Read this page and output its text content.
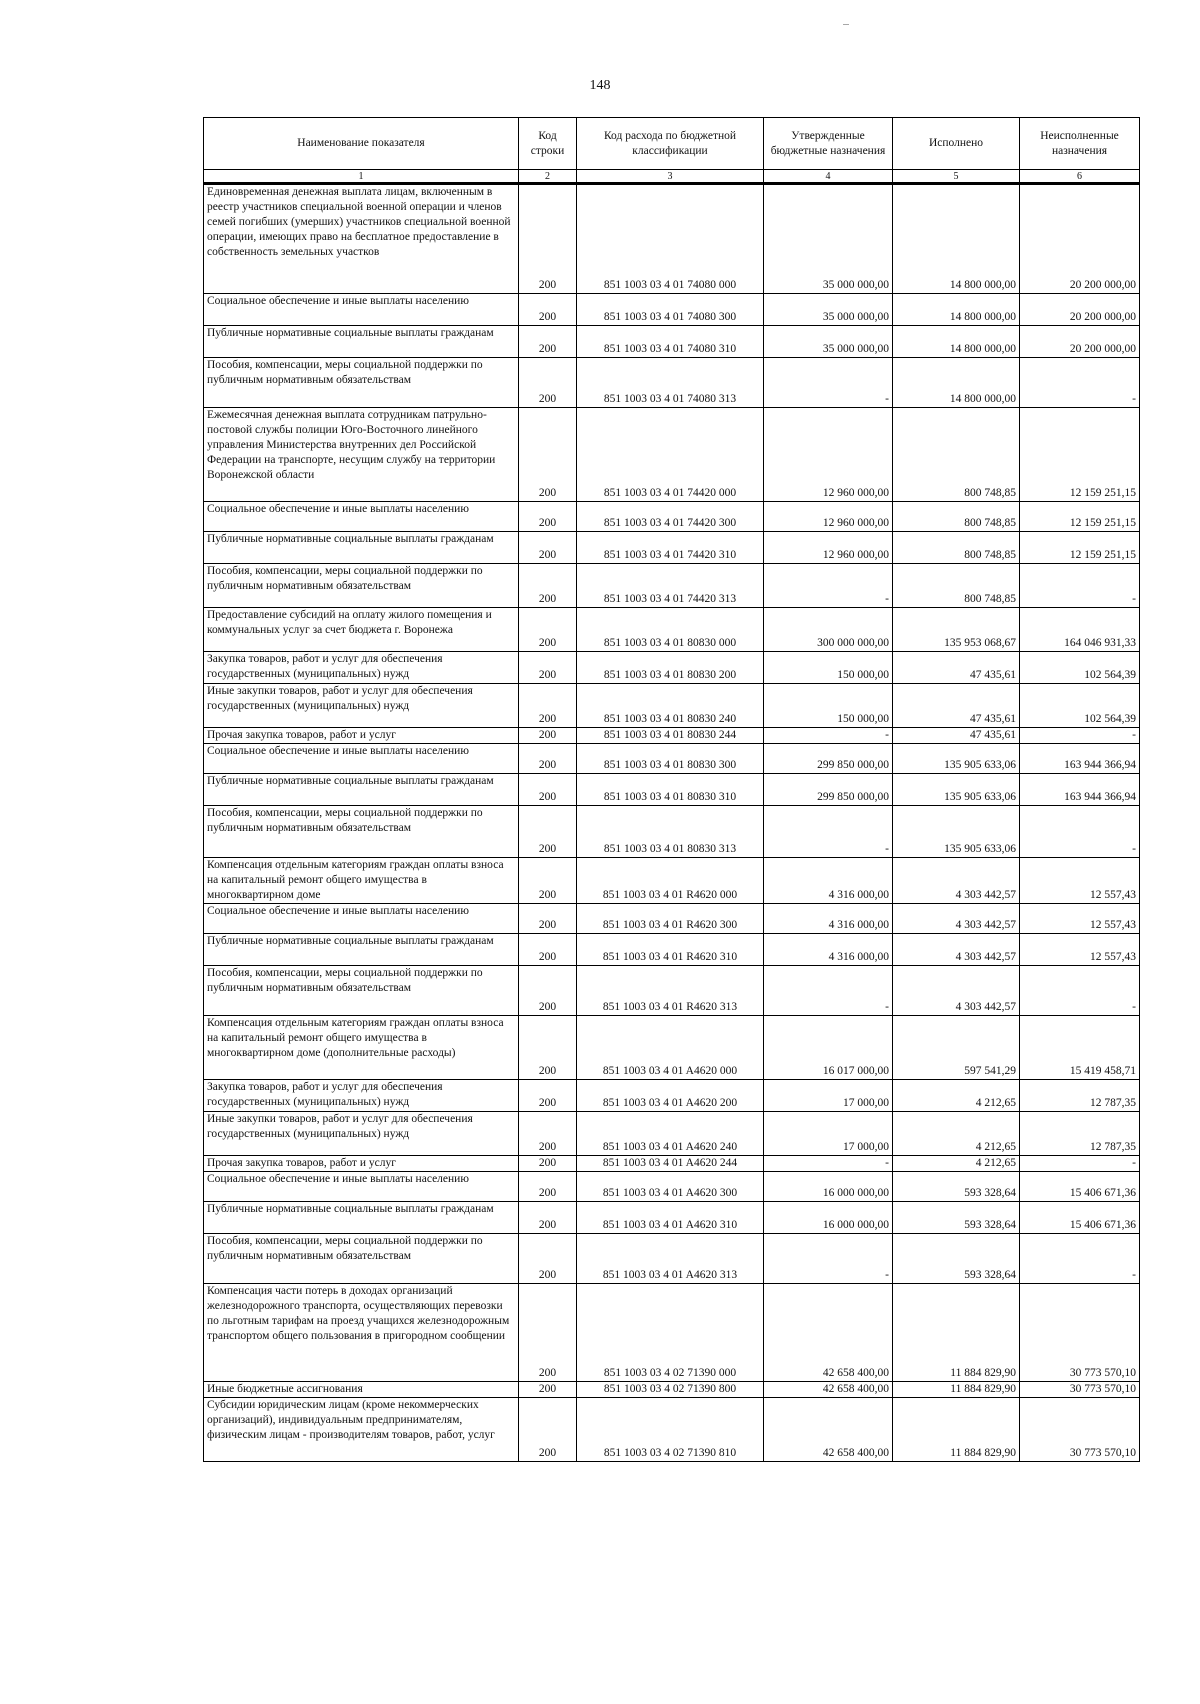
...
148
Наименование показателя	Код строки	Код расхода по бюджетной классификации	Утвержденные бюджетные назначения	Исполнено	Неисполненные назначения
1	2	3	4	5	6
Единовременная денежная выплата лицам, включенным в реестр участников специальной военной операции и членов семей погибших (умерших) участников специальной военной операции, имеющих право на бесплатное предоставление в собственность земельных участков	200	851 1003 03 4 01 74080 000	35 000 000,00	14 800 000,00	20 200 000,00
Социальное обеспечение и иные выплаты населению	200	851 1003 03 4 01 74080 300	35 000 000,00	14 800 000,00	20 200 000,00
Публичные нормативные социальные выплаты гражданам	200	851 1003 03 4 01 74080 310	35 000 000,00	14 800 000,00	20 200 000,00
Пособия, компенсации, меры социальной поддержки по публичным нормативным обязательствам	200	851 1003 03 4 01 74080 313	-	14 800 000,00	-
Ежемесячная денежная выплата сотрудникам патрульно-постовой службы полиции Юго-Восточного линейного управления Министерства внутренних дел Российской Федерации на транспорте, несущим службу на территории Воронежской области	200	851 1003 03 4 01 74420 000	12 960 000,00	800 748,85	12 159 251,15
Социальное обеспечение и иные выплаты населению	200	851 1003 03 4 01 74420 300	12 960 000,00	800 748,85	12 159 251,15
Публичные нормативные социальные выплаты гражданам	200	851 1003 03 4 01 74420 310	12 960 000,00	800 748,85	12 159 251,15
Пособия, компенсации, меры социальной поддержки по публичным нормативным обязательствам	200	851 1003 03 4 01 74420 313	-	800 748,85	-
Предоставление субсидий на оплату жилого помещения и коммунальных услуг за счет бюджета г. Воронежа	200	851 1003 03 4 01 80830 000	300 000 000,00	135 953 068,67	164 046 931,33
Закупка товаров, работ и услуг для обеспечения государственных (муниципальных) нужд	200	851 1003 03 4 01 80830 200	150 000,00	47 435,61	102 564,39
Иные закупки товаров, работ и услуг для обеспечения государственных (муниципальных) нужд	200	851 1003 03 4 01 80830 240	150 000,00	47 435,61	102 564,39
Прочая закупка товаров, работ и услуг	200	851 1003 03 4 01 80830 244	-	47 435,61	-
Социальное обеспечение и иные выплаты населению	200	851 1003 03 4 01 80830 300	299 850 000,00	135 905 633,06	163 944 366,94
Публичные нормативные социальные выплаты гражданам	200	851 1003 03 4 01 80830 310	299 850 000,00	135 905 633,06	163 944 366,94
Пособия, компенсации, меры социальной поддержки по публичным нормативным обязательствам	200	851 1003 03 4 01 80830 313	-	135 905 633,06	-
Компенсация отдельным категориям граждан оплаты взноса на капитальный ремонт общего имущества в многоквартирном доме	200	851 1003 03 4 01 R4620 000	4 316 000,00	4 303 442,57	12 557,43
Социальное обеспечение и иные выплаты населению	200	851 1003 03 4 01 R4620 300	4 316 000,00	4 303 442,57	12 557,43
Публичные нормативные социальные выплаты гражданам	200	851 1003 03 4 01 R4620 310	4 316 000,00	4 303 442,57	12 557,43
Пособия, компенсации, меры социальной поддержки по публичным нормативным обязательствам	200	851 1003 03 4 01 R4620 313	-	4 303 442,57	-
Компенсация отдельным категориям граждан оплаты взноса на капитальный ремонт общего имущества в многоквартирном доме (дополнительные расходы)	200	851 1003 03 4 01 A4620 000	16 017 000,00	597 541,29	15 419 458,71
Закупка товаров, работ и услуг для обеспечения государственных (муниципальных) нужд	200	851 1003 03 4 01 A4620 200	17 000,00	4 212,65	12 787,35
Иные закупки товаров, работ и услуг для обеспечения государственных (муниципальных) нужд	200	851 1003 03 4 01 A4620 240	17 000,00	4 212,65	12 787,35
Прочая закупка товаров, работ и услуг	200	851 1003 03 4 01 A4620 244	-	4 212,65	-
Социальное обеспечение и иные выплаты населению	200	851 1003 03 4 01 A4620 300	16 000 000,00	593 328,64	15 406 671,36
Публичные нормативные социальные выплаты гражданам	200	851 1003 03 4 01 A4620 310	16 000 000,00	593 328,64	15 406 671,36
Пособия, компенсации, меры социальной поддержки по публичным нормативным обязательствам	200	851 1003 03 4 01 A4620 313	-	593 328,64	-
Компенсация части потерь в доходах организаций железнодорожного транспорта, осуществляющих перевозки по льготным тарифам на проезд учащихся железнодорожным транспортом общего пользования в пригородном сообщении	200	851 1003 03 4 02 71390 000	42 658 400,00	11 884 829,90	30 773 570,10
Иные бюджетные ассигнования	200	851 1003 03 4 02 71390 800	42 658 400,00	11 884 829,90	30 773 570,10
Субсидии юридическим лицам (кроме некоммерческих организаций), индивидуальным предпринимателям, физическим лицам - производителям товаров, работ, услуг	200	851 1003 03 4 02 71390 810	42 658 400,00	11 884 829,90	30 773 570,10
